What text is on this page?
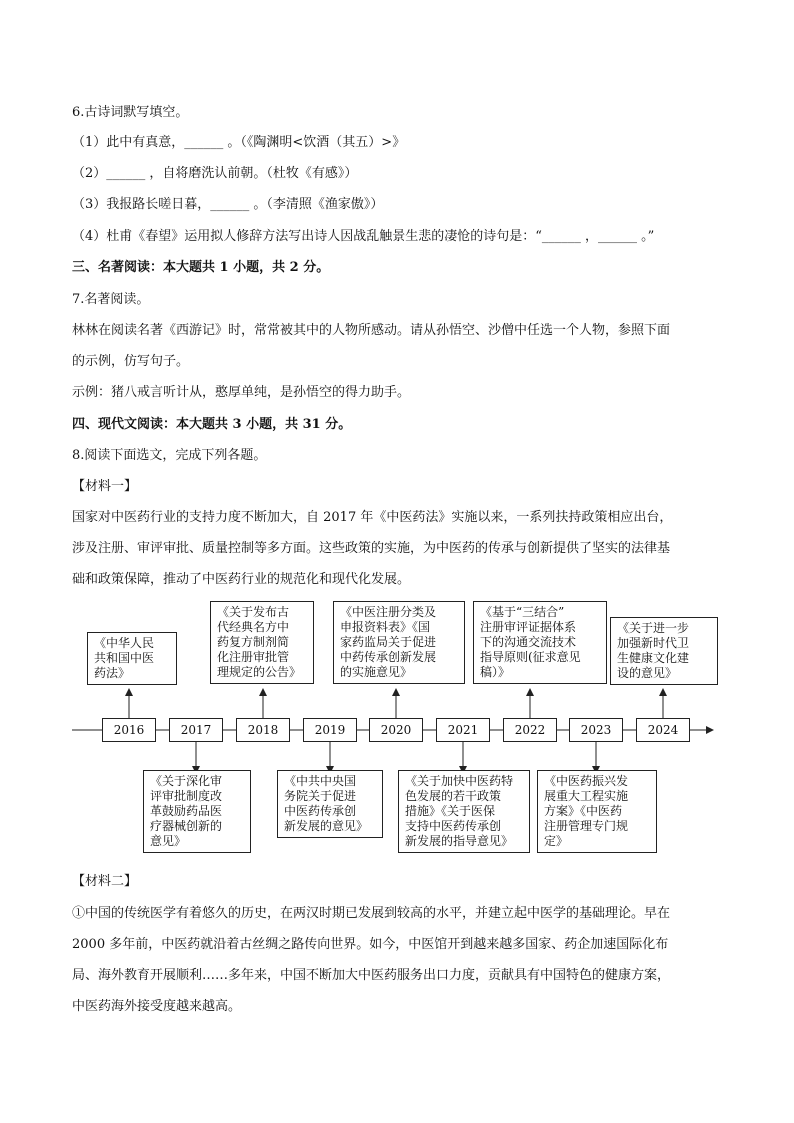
6.古诗词默写填空。
（1）此中有真意，______ 。（《陶渊明<饮酒（其五）>》
（2）______ ，自将磨洗认前朝。（杜牧《有感》）
（3）我报路长嗟日暮，______ 。（李清照《渔家傲》）
（4）杜甫《春望》运用拟人修辞方法写出诗人因战乱触景生悲的凄怆的诗句是：“______ ，______ 。”
三、名著阅读：本大题共 1 小题，共 2 分。
7.名著阅读。
林林在阅读名著《西游记》时，常常被其中的人物所感动。请从孙悟空、沙僧中任选一个人物，参照下面
的示例，仿写句子。
示例：猪八戒言听计从，憨厚单纯，是孙悟空的得力助手。
四、现代文阅读：本大题共 3 小题，共 31 分。
8.阅读下面选文，完成下列各题。
【材料一】
国家对中医药行业的支持力度不断加大，自 2017 年《中医药法》实施以来，一系列扶持政策相应出台，
涉及注册、审评审批、质量控制等多方面。这些政策的实施，为中医药的传承与创新提供了坚实的法律基
础和政策保障，推动了中医药行业的规范化和现代化发展。
2016	2017	2018	2019	2020	2021	2022	2023	2024
《中华人民
共和国中医
药法》
《关于发布古
代经典名方中
药复方制剂简
化注册审批管
理规定的公告》
《中医注册分类及
申报资料表》《国
家药监局关于促进
中药传承创新发展
的实施意见》
《基于“三结合”
注册审评证据体系
下的沟通交流技术
指导原则(征求意见
稿）》
《关于进一步
加强新时代卫
生健康文化建
设的意见》
《关于深化审
评审批制度改
革鼓励药品医
疗器械创新的
意见》
《中共中央国
务院关于促进
中医药传承创
新发展的意见》
《关于加快中医药特
色发展的若干政策
措施》《关于医保
支持中医药传承创
新发展的指导意见》
《中医药振兴发
展重大工程实施
方案》《中医药
注册管理专门规
定》
【材料二】
①中国的传统医学有着悠久的历史，在两汉时期已发展到较高的水平，并建立起中医学的基础理论。早在
2000 多年前，中医药就沿着古丝绸之路传向世界。如今，中医馆开到越来越多国家、药企加速国际化布
局、海外教育开展顺利……多年来，中国不断加大中医药服务出口力度，贡献具有中国特色的健康方案，
中医药海外接受度越来越高。
